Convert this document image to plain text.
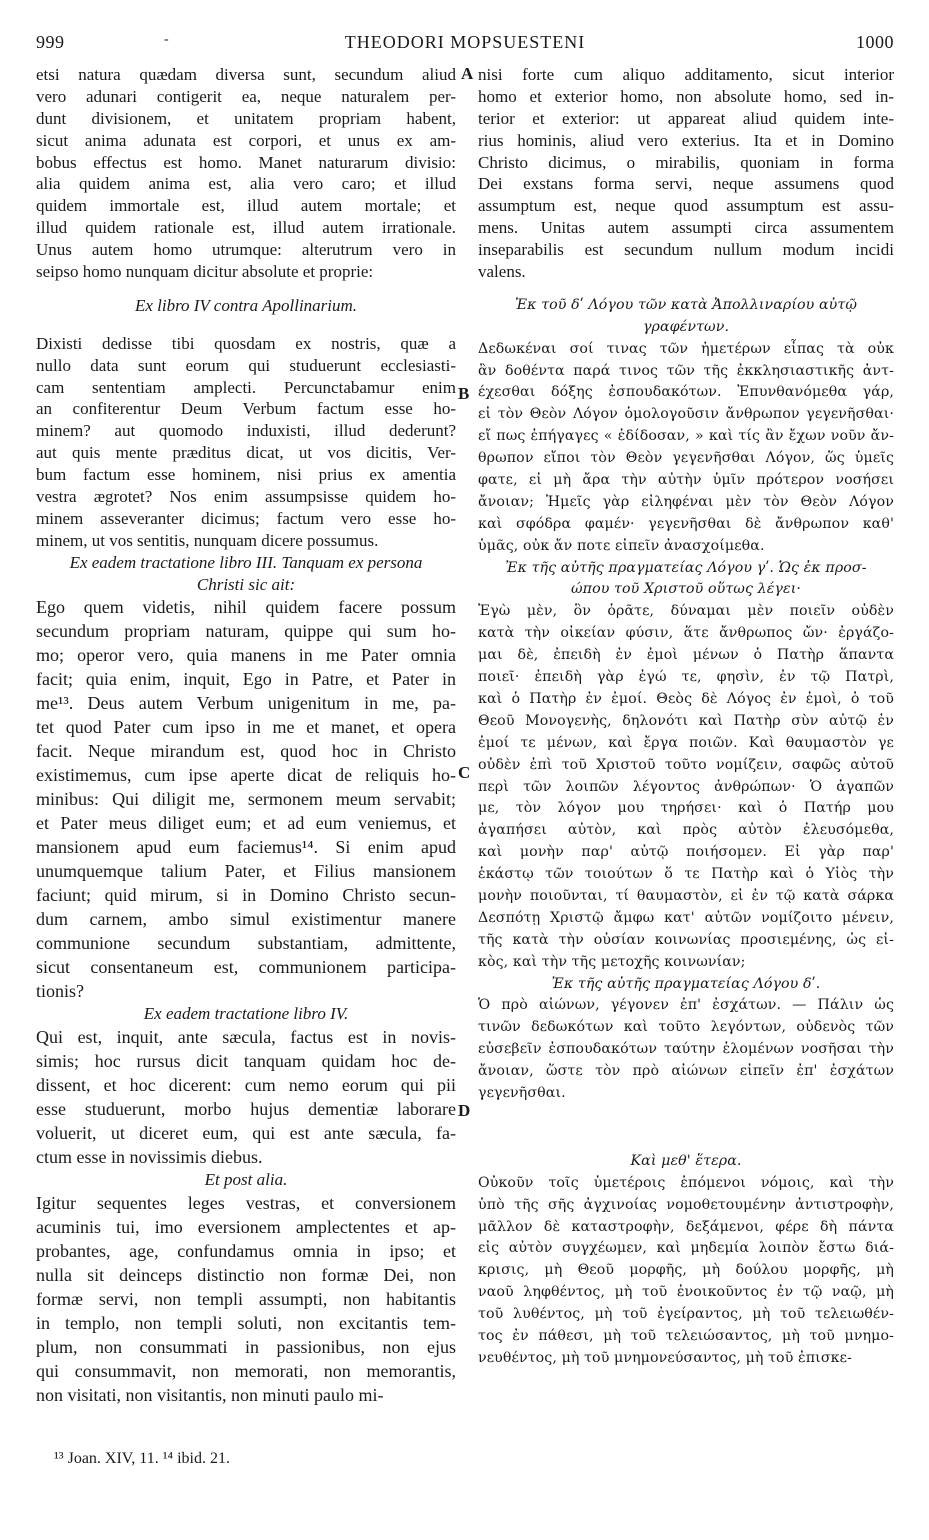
999	-	THEODORI MOPSUESTENI	1000
A
B
C
D
etsi natura quædam diversa sunt, secundum aliud
vero adunari contigerit ea, neque naturalem per-
dunt divisionem, et unitatem propriam habent,
sicut anima adunata est corpori, et unus ex am-
bobus effectus est homo. Manet naturarum divisio:
alia quidem anima est, alia vero caro; et illud
quidem immortale est, illud autem mortale; et
illud quidem rationale est, illud autem irrationale.
Unus autem homo utrumque: alterutrum vero in
seipso homo nunquam dicitur absolute et proprie:
Ex libro IV contra Apollinarium.
Dixisti dedisse tibi quosdam ex nostris, quæ a
nullo data sunt eorum qui studuerunt ecclesiasti-
cam sententiam amplecti. Percunctabamur enim
an confiterentur Deum Verbum factum esse ho-
minem? aut quomodo induxisti, illud dederunt?
aut quis mente præditus dicat, ut vos dicitis, Ver-
bum factum esse hominem, nisi prius ex amentia
vestra ægrotet? Nos enim assumpsisse quidem ho-
minem asseveranter dicimus; factum vero esse ho-
minem, ut vos sentitis, nunquam dicere possumus.
Ex eadem tractatione libro III. Tanquam ex persona
Christi sic ait:
Ego quem videtis, nihil quidem facere possum
secundum propriam naturam, quippe qui sum ho-
mo; operor vero, quia manens in me Pater omnia
facit; quia enim, inquit, Ego in Patre, et Pater in
me¹³. Deus autem Verbum unigenitum in me, pa-
tet quod Pater cum ipso in me et manet, et opera
facit. Neque mirandum est, quod hoc in Christo
existimemus, cum ipse aperte dicat de reliquis ho-
minibus: Qui diligit me, sermonem meum servabit;
et Pater meus diliget eum; et ad eum veniemus, et
mansionem apud eum faciemus¹⁴. Si enim apud
unumquemque talium Pater, et Filius mansionem
faciunt; quid mirum, si in Domino Christo secun-
dum carnem, ambo simul existimentur manere
communione secundum substantiam, admittente,
sicut consentaneum est, communionem participa-
tionis?
Ex eadem tractatione libro IV.
Qui est, inquit, ante sæcula, factus est in novis-
simis; hoc rursus dicit tanquam quidam hoc de-
dissent, et hoc dicerent: cum nemo eorum qui pii
esse studuerunt, morbo hujus dementiæ laborare
voluerit, ut diceret eum, qui est ante sæcula, fa-
ctum esse in novissimis diebus.
Et post alia.
Igitur sequentes leges vestras, et conversionem
acuminis tui, imo eversionem amplectentes et ap-
probantes, age, confundamus omnia in ipso; et
nulla sit deinceps distinctio non formæ Dei, non
formæ servi, non templi assumpti, non habitantis
in templo, non templi soluti, non excitantis tem-
plum, non consummati in passionibus, non ejus
qui consummavit, non memorati, non memorantis,
non visitati, non visitantis, non minuti paulo mi-
nisi forte cum aliquo additamento, sicut interior
homo et exterior homo, non absolute homo, sed in-
terior et exterior: ut appareat aliud quidem inte-
rius hominis, aliud vero exterius. Ita et in Domino
Christo dicimus, o mirabilis, quoniam in forma
Dei exstans forma servi, neque assumens quod
assumptum est, neque quod assumptum est assu-
mens. Unitas autem assumpti circa assumentem
inseparabilis est secundum nullum modum incidi
valens.
Ἐκ τοῦ δʹ Λόγου τῶν κατὰ Ἀπολλιναρίου αὐτῷ
γραφέντων.
Δεδωκέναι σοί τινας τῶν ἡμετέρων εἶπας τὰ οὐκ
ἂν δοθέντα παρά τινος τῶν τῆς ἐκκλησιαστικῆς ἀντ-
έχεσθαι δόξης ἐσπουδακότων. Ἐπυνθανόμεθα γάρ,
εἰ τὸν Θεὸν Λόγον ὁμολογοῦσιν ἄνθρωπον γεγενῆσθαι·
εἴ πως ἐπήγαγες « ἐδίδοσαν, » καὶ τίς ἂν ἔχων νοῦν ἄν-
θρωπον εἴποι τὸν Θεὸν γεγενῆσθαι Λόγον, ὥς ὑμεῖς
φατε, εἰ μὴ ἄρα τὴν αὐτὴν ὑμῖν πρότερον νοσήσει
ἄνοιαν; Ἡμεῖς γὰρ εἰληφέναι μὲν τὸν Θεὸν Λόγον
καὶ σφόδρα φαμέν· γεγενῆσθαι δὲ ἄνθρωπον καθ'
ὑμᾶς, οὐκ ἄν ποτε εἰπεῖν ἀνασχοίμεθα.
Ἐκ τῆς αὐτῆς πραγματείας Λόγου γʹ. Ὡς ἐκ προσ-
ώπου τοῦ Χριστοῦ οὕτως λέγει·
Ἐγὼ μὲν, ὃν ὁρᾶτε, δύναμαι μὲν ποιεῖν οὐδὲν
κατὰ τὴν οἰκείαν φύσιν, ἅτε ἄνθρωπος ὤν· ἐργάζο-
μαι δὲ, ἐπειδὴ ἐν ἐμοὶ μένων ὁ Πατὴρ ἅπαντα
ποιεῖ· ἐπειδὴ γὰρ ἐγώ τε, φησὶν, ἐν τῷ Πατρὶ,
καὶ ὁ Πατὴρ ἐν ἐμοί. Θεὸς δὲ Λόγος ἐν ἐμοὶ, ὁ τοῦ
Θεοῦ Μονογενὴς, δηλονότι καὶ Πατὴρ σὺν αὐτῷ ἐν
ἐμοί τε μένων, καὶ ἔργα ποιῶν. Καὶ θαυμαστὸν γε
οὐδὲν ἐπὶ τοῦ Χριστοῦ τοῦτο νομίζειν, σαφῶς αὐτοῦ
περὶ τῶν λοιπῶν λέγοντος ἀνθρώπων· Ὁ ἀγαπῶν
με, τὸν λόγον μου τηρήσει· καὶ ὁ Πατήρ μου
ἀγαπήσει αὐτὸν, καὶ πρὸς αὐτὸν ἐλευσόμεθα,
καὶ μονὴν παρ' αὐτῷ ποιήσομεν. Εἰ γὰρ παρ'
ἑκάστῳ τῶν τοιούτων ὅ τε Πατὴρ καὶ ὁ Υἱὸς τὴν
μονὴν ποιοῦνται, τί θαυμαστὸν, εἰ ἐν τῷ κατὰ σάρκα
Δεσπότῃ Χριστῷ ἄμφω κατ' αὐτῶν νομίζοιτο μένειν,
τῆς κατὰ τὴν οὐσίαν κοινωνίας προσιεμένης, ὡς εἰ-
κὸς, καὶ τὴν τῆς μετοχῆς κοινωνίαν;
Ἐκ τῆς αὐτῆς πραγματείας Λόγου δʹ.
Ὁ πρὸ αἰώνων, γέγονεν ἐπ' ἐσχάτων. — Πάλιν ὡς
τινῶν δεδωκότων καὶ τοῦτο λεγόντων, οὐδενὸς τῶν
εὐσεβεῖν ἐσπουδακότων ταύτην ἑλομένων νοσῆσαι τὴν
ἄνοιαν, ὥστε τὸν πρὸ αἰώνων εἰπεῖν ἐπ' ἐσχάτων
γεγενῆσθαι.
Καὶ μεθ' ἕτερα.
Οὐκοῦν τοῖς ὑμετέροις ἑπόμενοι νόμοις, καὶ τὴν
ὑπὸ τῆς σῆς ἀγχινοίας νομοθετουμένην ἀντιστροφὴν,
μᾶλλον δὲ καταστροφὴν, δεξάμενοι, φέρε δὴ πάντα
εἰς αὐτὸν συγχέωμεν, καὶ μηδεμία λοιπὸν ἔστω διά-
κρισις, μὴ Θεοῦ μορφῆς, μὴ δούλου μορφῆς, μὴ
ναοῦ ληφθέντος, μὴ τοῦ ἐνοικοῦντος ἐν τῷ ναῷ, μὴ
τοῦ λυθέντος, μὴ τοῦ ἐγείραντος, μὴ τοῦ τελειωθέν-
τος ἐν πάθεσι, μὴ τοῦ τελειώσαντος, μὴ τοῦ μνημο-
νευθέντος, μὴ τοῦ μνημονεύσαντος, μὴ τοῦ ἐπισκε-
¹³ Joan. XIV, 11. ¹⁴ ibid. 21.
